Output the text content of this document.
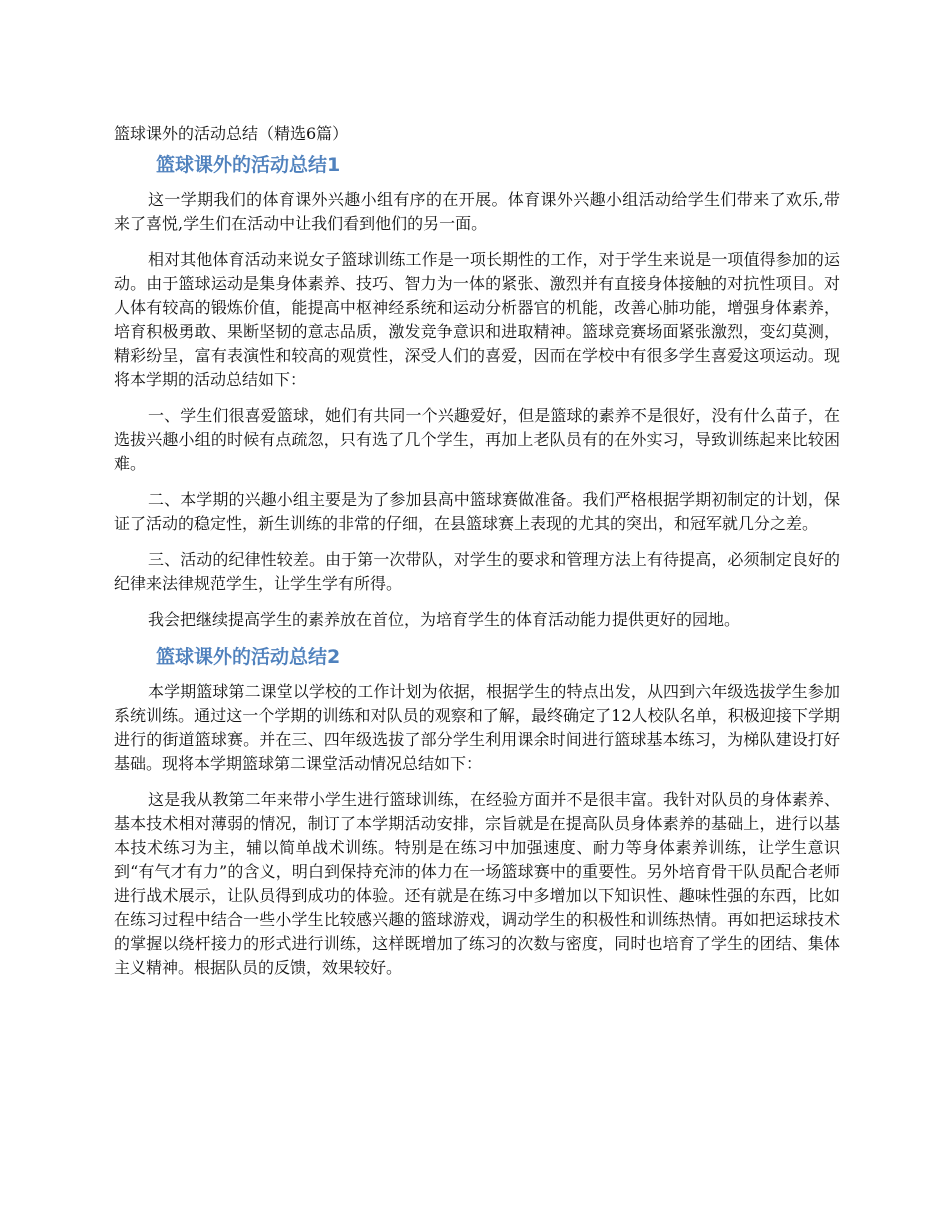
篮球课外的活动总结（精选6篇）
篮球课外的活动总结1

这一学期我们的体育课外兴趣小组有序的在开展。体育课外兴趣小组活动给学生们带来了欢乐,带来了喜悦,学生们在活动中让我们看到他们的另一面。

相对其他体育活动来说女子篮球训练工作是一项长期性的工作，对于学生来说是一项值得参加的运动。由于篮球运动是集身体素养、技巧、智力为一体的紧张、激烈并有直接身体接触的对抗性项目。对人体有较高的锻炼价值，能提高中枢神经系统和运动分析器官的机能，改善心肺功能，增强身体素养，培育积极勇敢、果断坚韧的意志品质，激发竞争意识和进取精神。篮球竞赛场面紧张激烈，变幻莫测，精彩纷呈，富有表演性和较高的观赏性，深受人们的喜爱，因而在学校中有很多学生喜爱这项运动。现将本学期的活动总结如下：

一、学生们很喜爱篮球，她们有共同一个兴趣爱好，但是篮球的素养不是很好，没有什么苗子，在选拔兴趣小组的时候有点疏忽，只有选了几个学生，再加上老队员有的在外实习，导致训练起来比较困难。

二、本学期的兴趣小组主要是为了参加县高中篮球赛做准备。我们严格根据学期初制定的计划，保证了活动的稳定性，新生训练的非常的仔细，在县篮球赛上表现的尤其的突出，和冠军就几分之差。

三、活动的纪律性较差。由于第一次带队，对学生的要求和管理方法上有待提高，必须制定良好的纪律来法律规范学生，让学生学有所得。

我会把继续提高学生的素养放在首位，为培育学生的体育活动能力提供更好的园地。

篮球课外的活动总结2

本学期篮球第二课堂以学校的工作计划为依据，根据学生的特点出发，从四到六年级选拔学生参加系统训练。通过这一个学期的训练和对队员的观察和了解，最终确定了12人校队名单，积极迎接下学期进行的街道篮球赛。并在三、四年级选拔了部分学生利用课余时间进行篮球基本练习，为梯队建设打好基础。现将本学期篮球第二课堂活动情况总结如下：

这是我从教第二年来带小学生进行篮球训练，在经验方面并不是很丰富。我针对队员的身体素养、基本技术相对薄弱的情况，制订了本学期活动安排，宗旨就是在提高队员身体素养的基础上，进行以基本技术练习为主，辅以简单战术训练。特别是在练习中加强速度、耐力等身体素养训练，让学生意识到“有气才有力”的含义，明白到保持充沛的体力在一场篮球赛中的重要性。另外培育骨干队员配合老师进行战术展示，让队员得到成功的体验。还有就是在练习中多增加以下知识性、趣味性强的东西，比如在练习过程中结合一些小学生比较感兴趣的篮球游戏，调动学生的积极性和训练热情。再如把运球技术的掌握以绕杆接力的形式进行训练，这样既增加了练习的次数与密度，同时也培育了学生的团结、集体主义精神。根据队员的反馈，效果较好。
